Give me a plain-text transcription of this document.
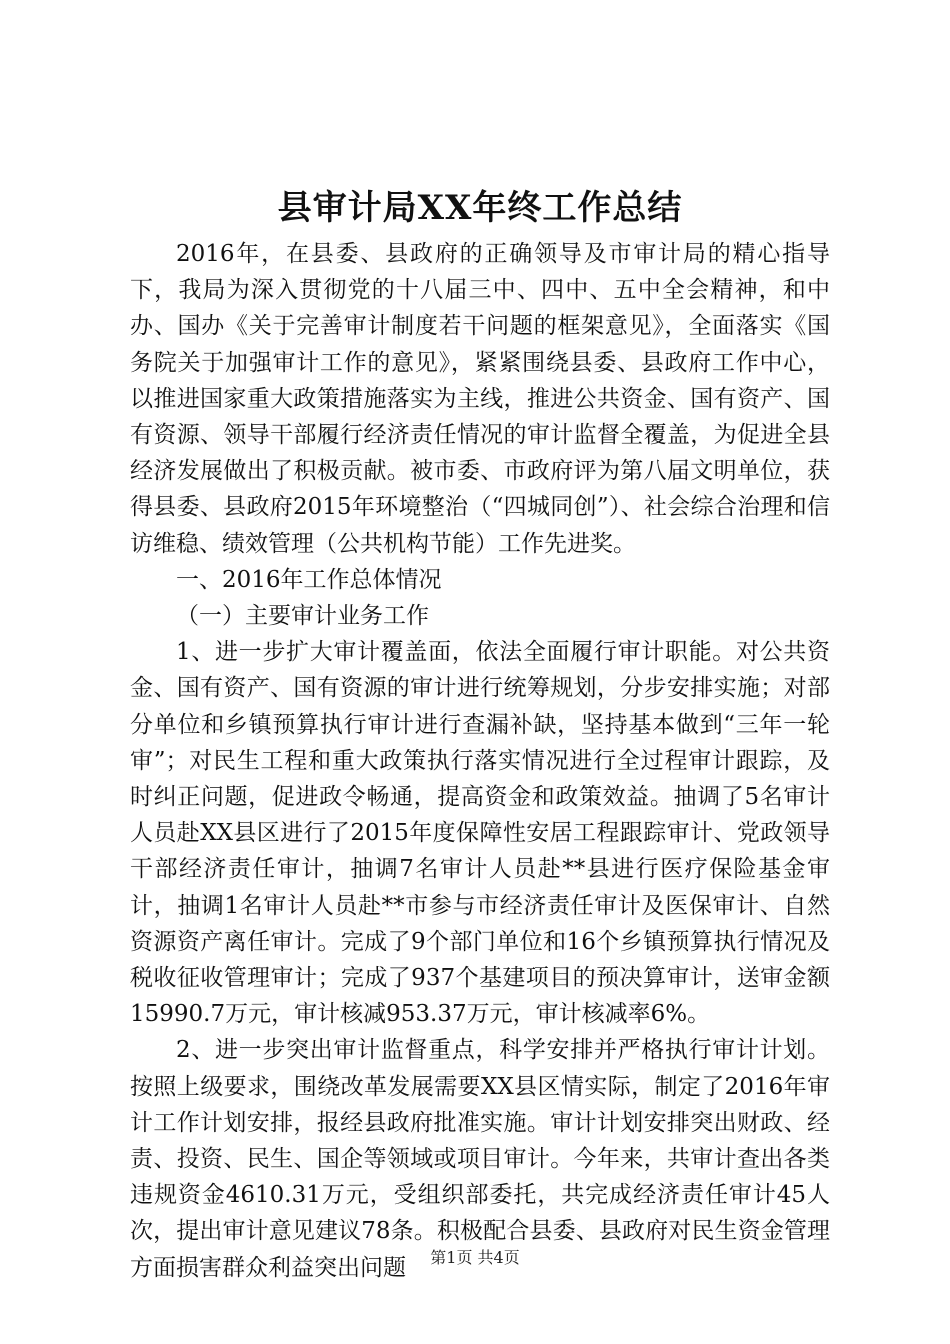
县审计局XX年终工作总结

2016年，在县委、县政府的正确领导及市审计局的精心指导下，我局为深入贯彻党的十八届三中、四中、五中全会精神，和中办、国办《关于完善审计制度若干问题的框架意见》，全面落实《国务院关于加强审计工作的意见》，紧紧围绕县委、县政府工作中心，以推进国家重大政策措施落实为主线，推进公共资金、国有资产、国有资源、领导干部履行经济责任情况的审计监督全覆盖，为促进全县经济发展做出了积极贡献。被市委、市政府评为第八届文明单位，获得县委、县政府2015年环境整治（“四城同创”）、社会综合治理和信访维稳、绩效管理（公共机构节能）工作先进奖。

一、2016年工作总体情况

（一）主要审计业务工作

1、进一步扩大审计覆盖面，依法全面履行审计职能。对公共资金、国有资产、国有资源的审计进行统筹规划，分步安排实施；对部分单位和乡镇预算执行审计进行查漏补缺，坚持基本做到“三年一轮审”；对民生工程和重大政策执行落实情况进行全过程审计跟踪，及时纠正问题，促进政令畅通，提高资金和政策效益。抽调了5名审计人员赴XX县区进行了2015年度保障性安居工程跟踪审计、党政领导干部经济责任审计，抽调7名审计人员赴**县进行医疗保险基金审计，抽调1名审计人员赴**市参与市经济责任审计及医保审计、自然资源资产离任审计。完成了9个部门单位和16个乡镇预算执行情况及税收征收管理审计；完成了937个基建项目的预决算审计，送审金额15990.7万元，审计核减953.37万元，审计核减率6%。

2、进一步突出审计监督重点，科学安排并严格执行审计计划。按照上级要求，围绕改革发展需要XX县区情实际，制定了2016年审计工作计划安排，报经县政府批准实施。审计计划安排突出财政、经责、投资、民生、国企等领域或项目审计。今年来，共审计查出各类违规资金4610.31万元，受组织部委托，共完成经济责任审计45人次，提出审计意见建议78条。积极配合县委、县政府对民生资金管理方面损害群众利益突出问题	第1页 共4页
